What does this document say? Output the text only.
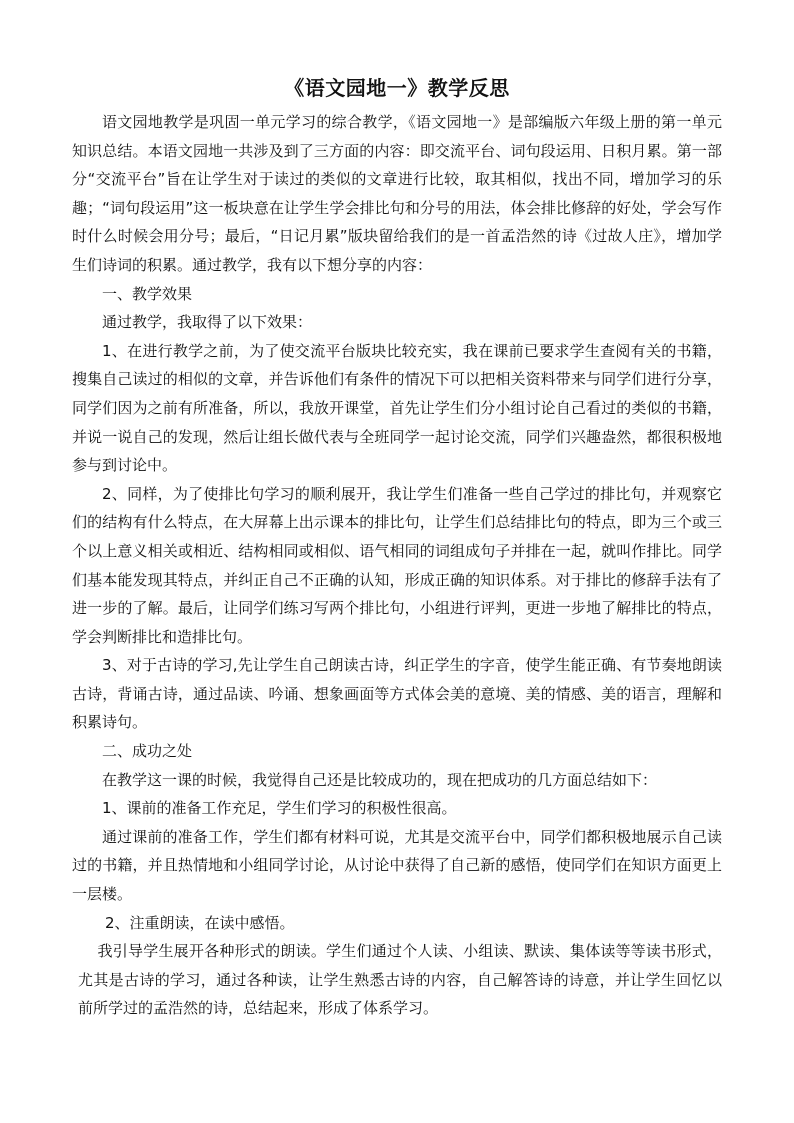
《语文园地一》教学反思

语文园地教学是巩固一单元学习的综合教学，《语文园地一》是部编版六年级上册的第一单元知识总结。本语文园地一共涉及到了三方面的内容：即交流平台、词句段运用、日积月累。第一部分“交流平台”旨在让学生对于读过的类似的文章进行比较，取其相似，找出不同，增加学习的乐趣；“词句段运用”这一板块意在让学生学会排比句和分号的用法，体会排比修辞的好处，学会写作时什么时候会用分号；最后，“日记月累”版块留给我们的是一首孟浩然的诗《过故人庄》，增加学生们诗词的积累。通过教学，我有以下想分享的内容：

一、教学效果

通过教学，我取得了以下效果：

1、在进行教学之前，为了使交流平台版块比较充实，我在课前已要求学生查阅有关的书籍，搜集自己读过的相似的文章，并告诉他们有条件的情况下可以把相关资料带来与同学们进行分享，同学们因为之前有所准备，所以，我放开课堂，首先让学生们分小组讨论自己看过的类似的书籍，并说一说自己的发现，然后让组长做代表与全班同学一起讨论交流，同学们兴趣盎然，都很积极地参与到讨论中。

2、同样，为了使排比句学习的顺利展开，我让学生们准备一些自己学过的排比句，并观察它们的结构有什么特点，在大屏幕上出示课本的排比句，让学生们总结排比句的特点，即为三个或三个以上意义相关或相近、结构相同或相似、语气相同的词组成句子并排在一起，就叫作排比。同学们基本能发现其特点，并纠正自己不正确的认知，形成正确的知识体系。对于排比的修辞手法有了进一步的了解。最后，让同学们练习写两个排比句，小组进行评判，更进一步地了解排比的特点，学会判断排比和造排比句。

3、对于古诗的学习,先让学生自己朗读古诗，纠正学生的字音，使学生能正确、有节奏地朗读古诗，背诵古诗，通过品读、吟诵、想象画面等方式体会美的意境、美的情感、美的语言，理解和积累诗句。

二、成功之处

在教学这一课的时候，我觉得自己还是比较成功的，现在把成功的几方面总结如下：

1、课前的准备工作充足，学生们学习的积极性很高。

通过课前的准备工作，学生们都有材料可说，尤其是交流平台中，同学们都积极地展示自己读过的书籍，并且热情地和小组同学讨论，从讨论中获得了自己新的感悟，使同学们在知识方面更上一层楼。

2、注重朗读，在读中感悟。

我引导学生展开各种形式的朗读。学生们通过个人读、小组读、默读、集体读等等读书形式，尤其是古诗的学习，通过各种读，让学生熟悉古诗的内容，自己解答诗的诗意，并让学生回忆以前所学过的孟浩然的诗，总结起来，形成了体系学习。
